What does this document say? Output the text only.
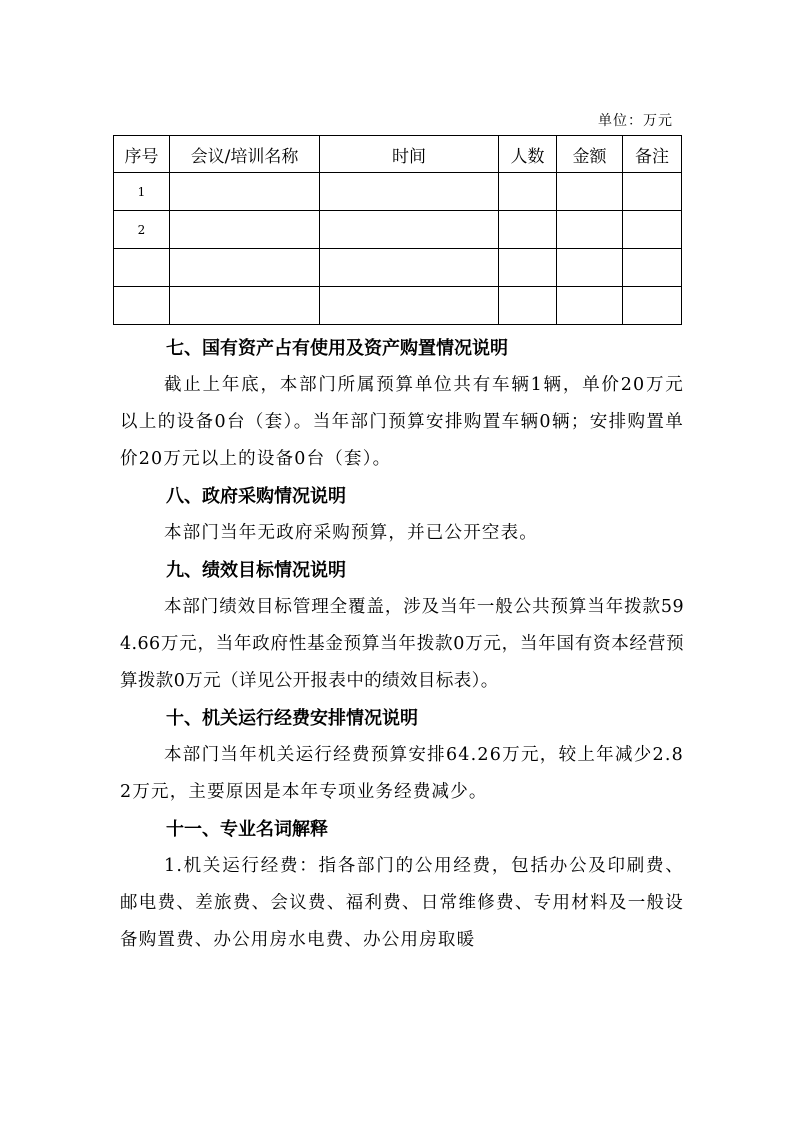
单位：万元
序号	会议/培训名称	时间	人数	金额	备注
1					
2					

七、国有资产占有使用及资产购置情况说明
截止上年底，本部门所属预算单位共有车辆1辆，单价20万元以上的设备0台（套）。当年部门预算安排购置车辆0辆；安排购置单价20万元以上的设备0台（套）。
八、政府采购情况说明
本部门当年无政府采购预算，并已公开空表。
九、绩效目标情况说明
本部门绩效目标管理全覆盖，涉及当年一般公共预算当年拨款594.66万元，当年政府性基金预算当年拨款0万元，当年国有资本经营预算拨款0万元（详见公开报表中的绩效目标表）。
十、机关运行经费安排情况说明
本部门当年机关运行经费预算安排64.26万元，较上年减少2.82万元，主要原因是本年专项业务经费减少。
十一、专业名词解释
1.机关运行经费：指各部门的公用经费，包括办公及印刷费、邮电费、差旅费、会议费、福利费、日常维修费、专用材料及一般设备购置费、办公用房水电费、办公用房取暖
